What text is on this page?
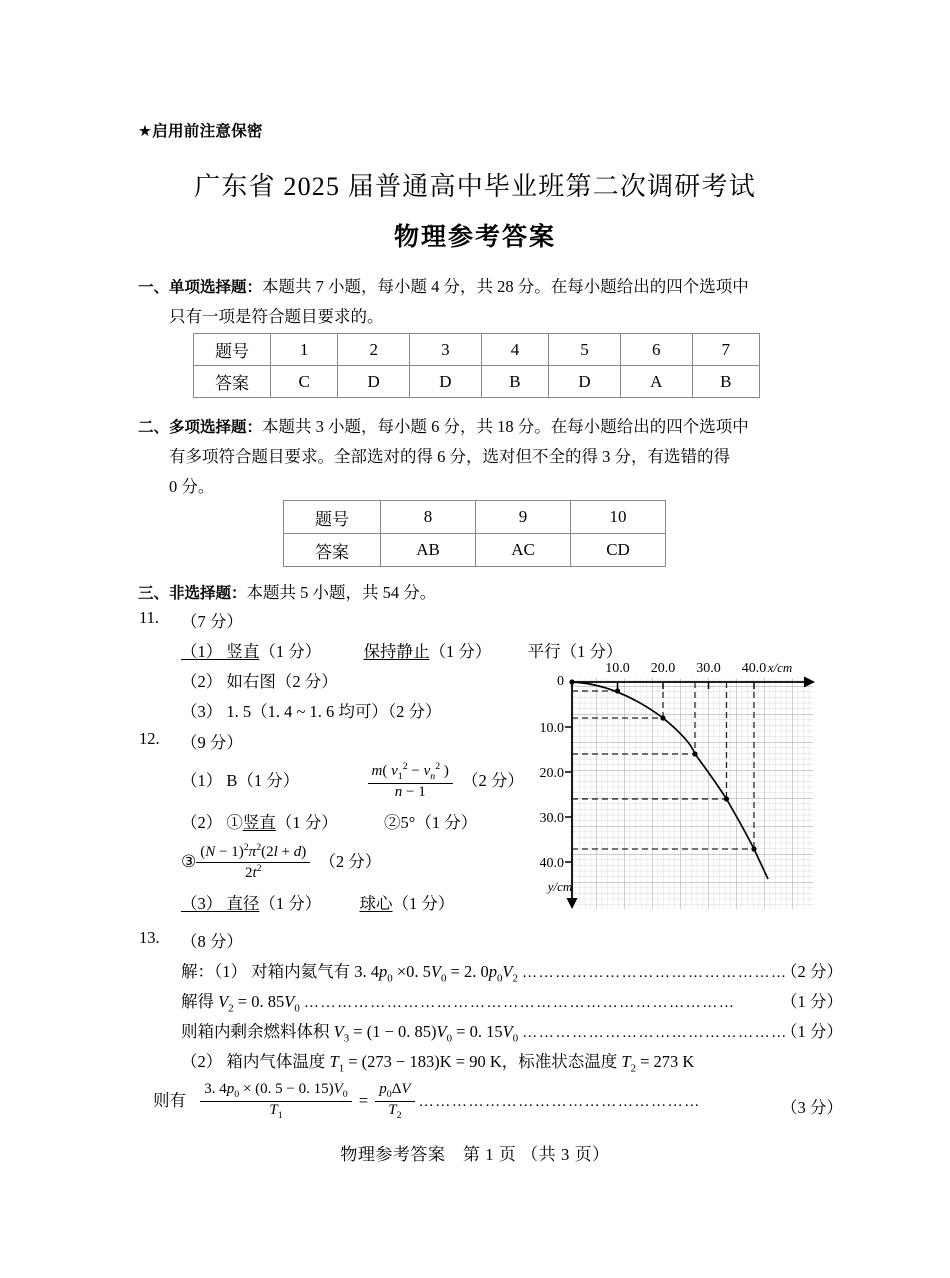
★启用前注意保密
广东省 2025 届普通高中毕业班第二次调研考试
物理参考答案

一、单项选择题：本题共 7 小题，每小题 4 分，共 28 分。在每小题给出的四个选项中

只有一项是符合题目要求的。

题号	1	2	3	4	5	6	7
答案	C	D	D	B	D	A	B

二、多项选择题：本题共 3 小题，每小题 6 分，共 18 分。在每小题给出的四个选项中

有多项符合题目要求。全部选对的得 6 分，选对但不全的得 3 分，有选错的得

0 分。

题号	8	9	10
答案	AB	AC	CD

三、非选择题：本题共 5 小题，共 54 分。

11. （7 分）
（1） 竖直（1 分）	保持静止（1 分） 平行（1 分）
（2） 如右图（2 分）
（3） 1. 5（1. 4 ~ 1. 6 均可）（2 分）
12. （9 分）
（1） B（1 分）	$\frac{m( v_1^2 - v_n^2 )}{n - 1} (2$ 分）
（2） ①竖直（1 分）	②5°（1 分）
③ $\frac{(N - 1)^2\pi^2(2l + d)}{2t^2} (2$ 分）
（3） 直径（1 分） 球心（1 分）
13. （8 分）
解：（1） 对箱内氦气有 3. $4p_0 \times 0$. $5V_0 = 2$. $0p_0V_2$ …………………………………………
（2 分）
解得 $V_2 = 0$. $85V_0$ ……………………………………………………………………	（1 分）
则箱内剩余燃料体积 $V_3 = (1 - 0$. $85)V_0 = 0$. $15V_0$ …………………………………………
（1 分）
（2） 箱内气体温度 $T_1 = (273 - 183)K = 90$ K，标准状态温度 $T_2 = 273$ K
则有 $\frac{3. 4p_0 \times (0. 5 - 0. 15)V_0}{T_1} = \frac{p_0\Delta V}{T_2}$ ……………………………………………	（3 分）
10.0 20.0 30.0 40.0
0
10.0
20.0
30.0
40.0
x/cm
y/cm
物理参考答案　第 1 页 （共 3 页）
